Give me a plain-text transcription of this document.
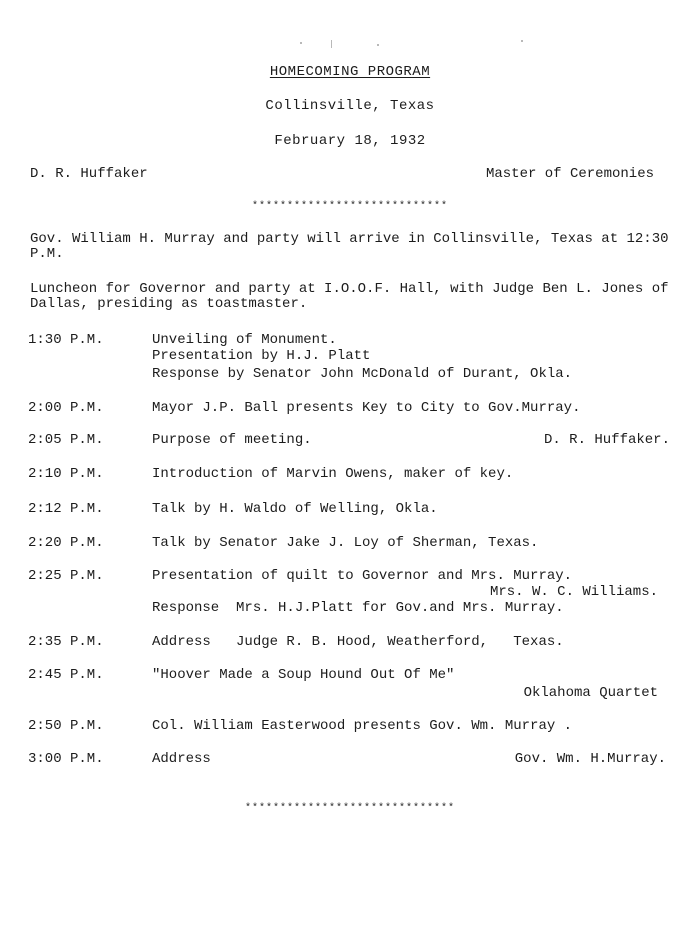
HOMECOMING PROGRAM
Collinsville, Texas
February 18, 1932
D. R. Huffaker	Master of Ceremonies
****************************
Gov. William H. Murray and party will arrive in Collinsville, Texas at 12:30 P.M.
Luncheon for Governor and party at I.O.O.F. Hall, with Judge Ben L. Jones of Dallas, presiding as toastmaster.
1:30 P.M.	Unveiling of Monument.
Presentation by H.J. Platt
Response by Senator John McDonald of Durant, Okla.
2:00 P.M.	Mayor J.P. Ball presents Key to City to Gov.Murray.
2:05 P.M.	Purpose of meeting.	D. R. Huffaker.
2:10 P.M.	Introduction of Marvin Owens, maker of key.
2:12 P.M.	Talk by H. Waldo of Welling, Okla.
2:20 P.M.	Talk by Senator Jake J. Loy of Sherman, Texas.
2:25 P.M.	Presentation of quilt to Governor and Mrs. Murray.
Mrs. W. C. Williams.
Response  Mrs. H.J.Platt for Gov.and Mrs. Murray.
2:35 P.M.	Address   Judge R. B. Hood, Weatherford,   Texas.
2:45 P.M.	"Hoover Made a Soup Hound Out Of Me"
Oklahoma Quartet
2:50 P.M.	Col. William Easterwood presents Gov. Wm. Murray .
3:00 P.M.	Address	Gov. Wm. H.Murray.
******************************
